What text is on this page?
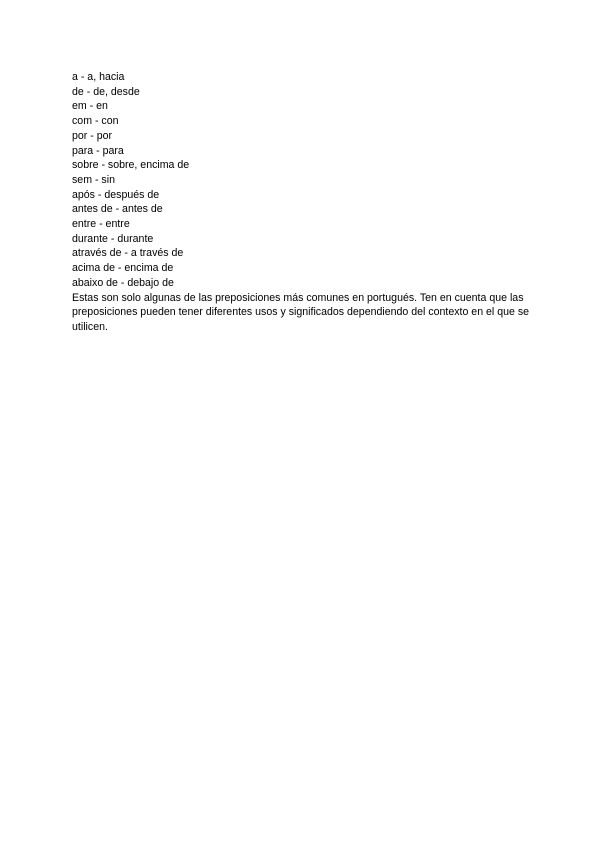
a - a, hacia
de - de, desde
em - en
com - con
por - por
para - para
sobre - sobre, encima de
sem - sin
após - después de
antes de - antes de
entre - entre
durante - durante
através de - a través de
acima de - encima de
abaixo de - debajo de
Estas son solo algunas de las preposiciones más comunes en portugués. Ten en cuenta que las preposiciones pueden tener diferentes usos y significados dependiendo del contexto en el que se utilicen.
